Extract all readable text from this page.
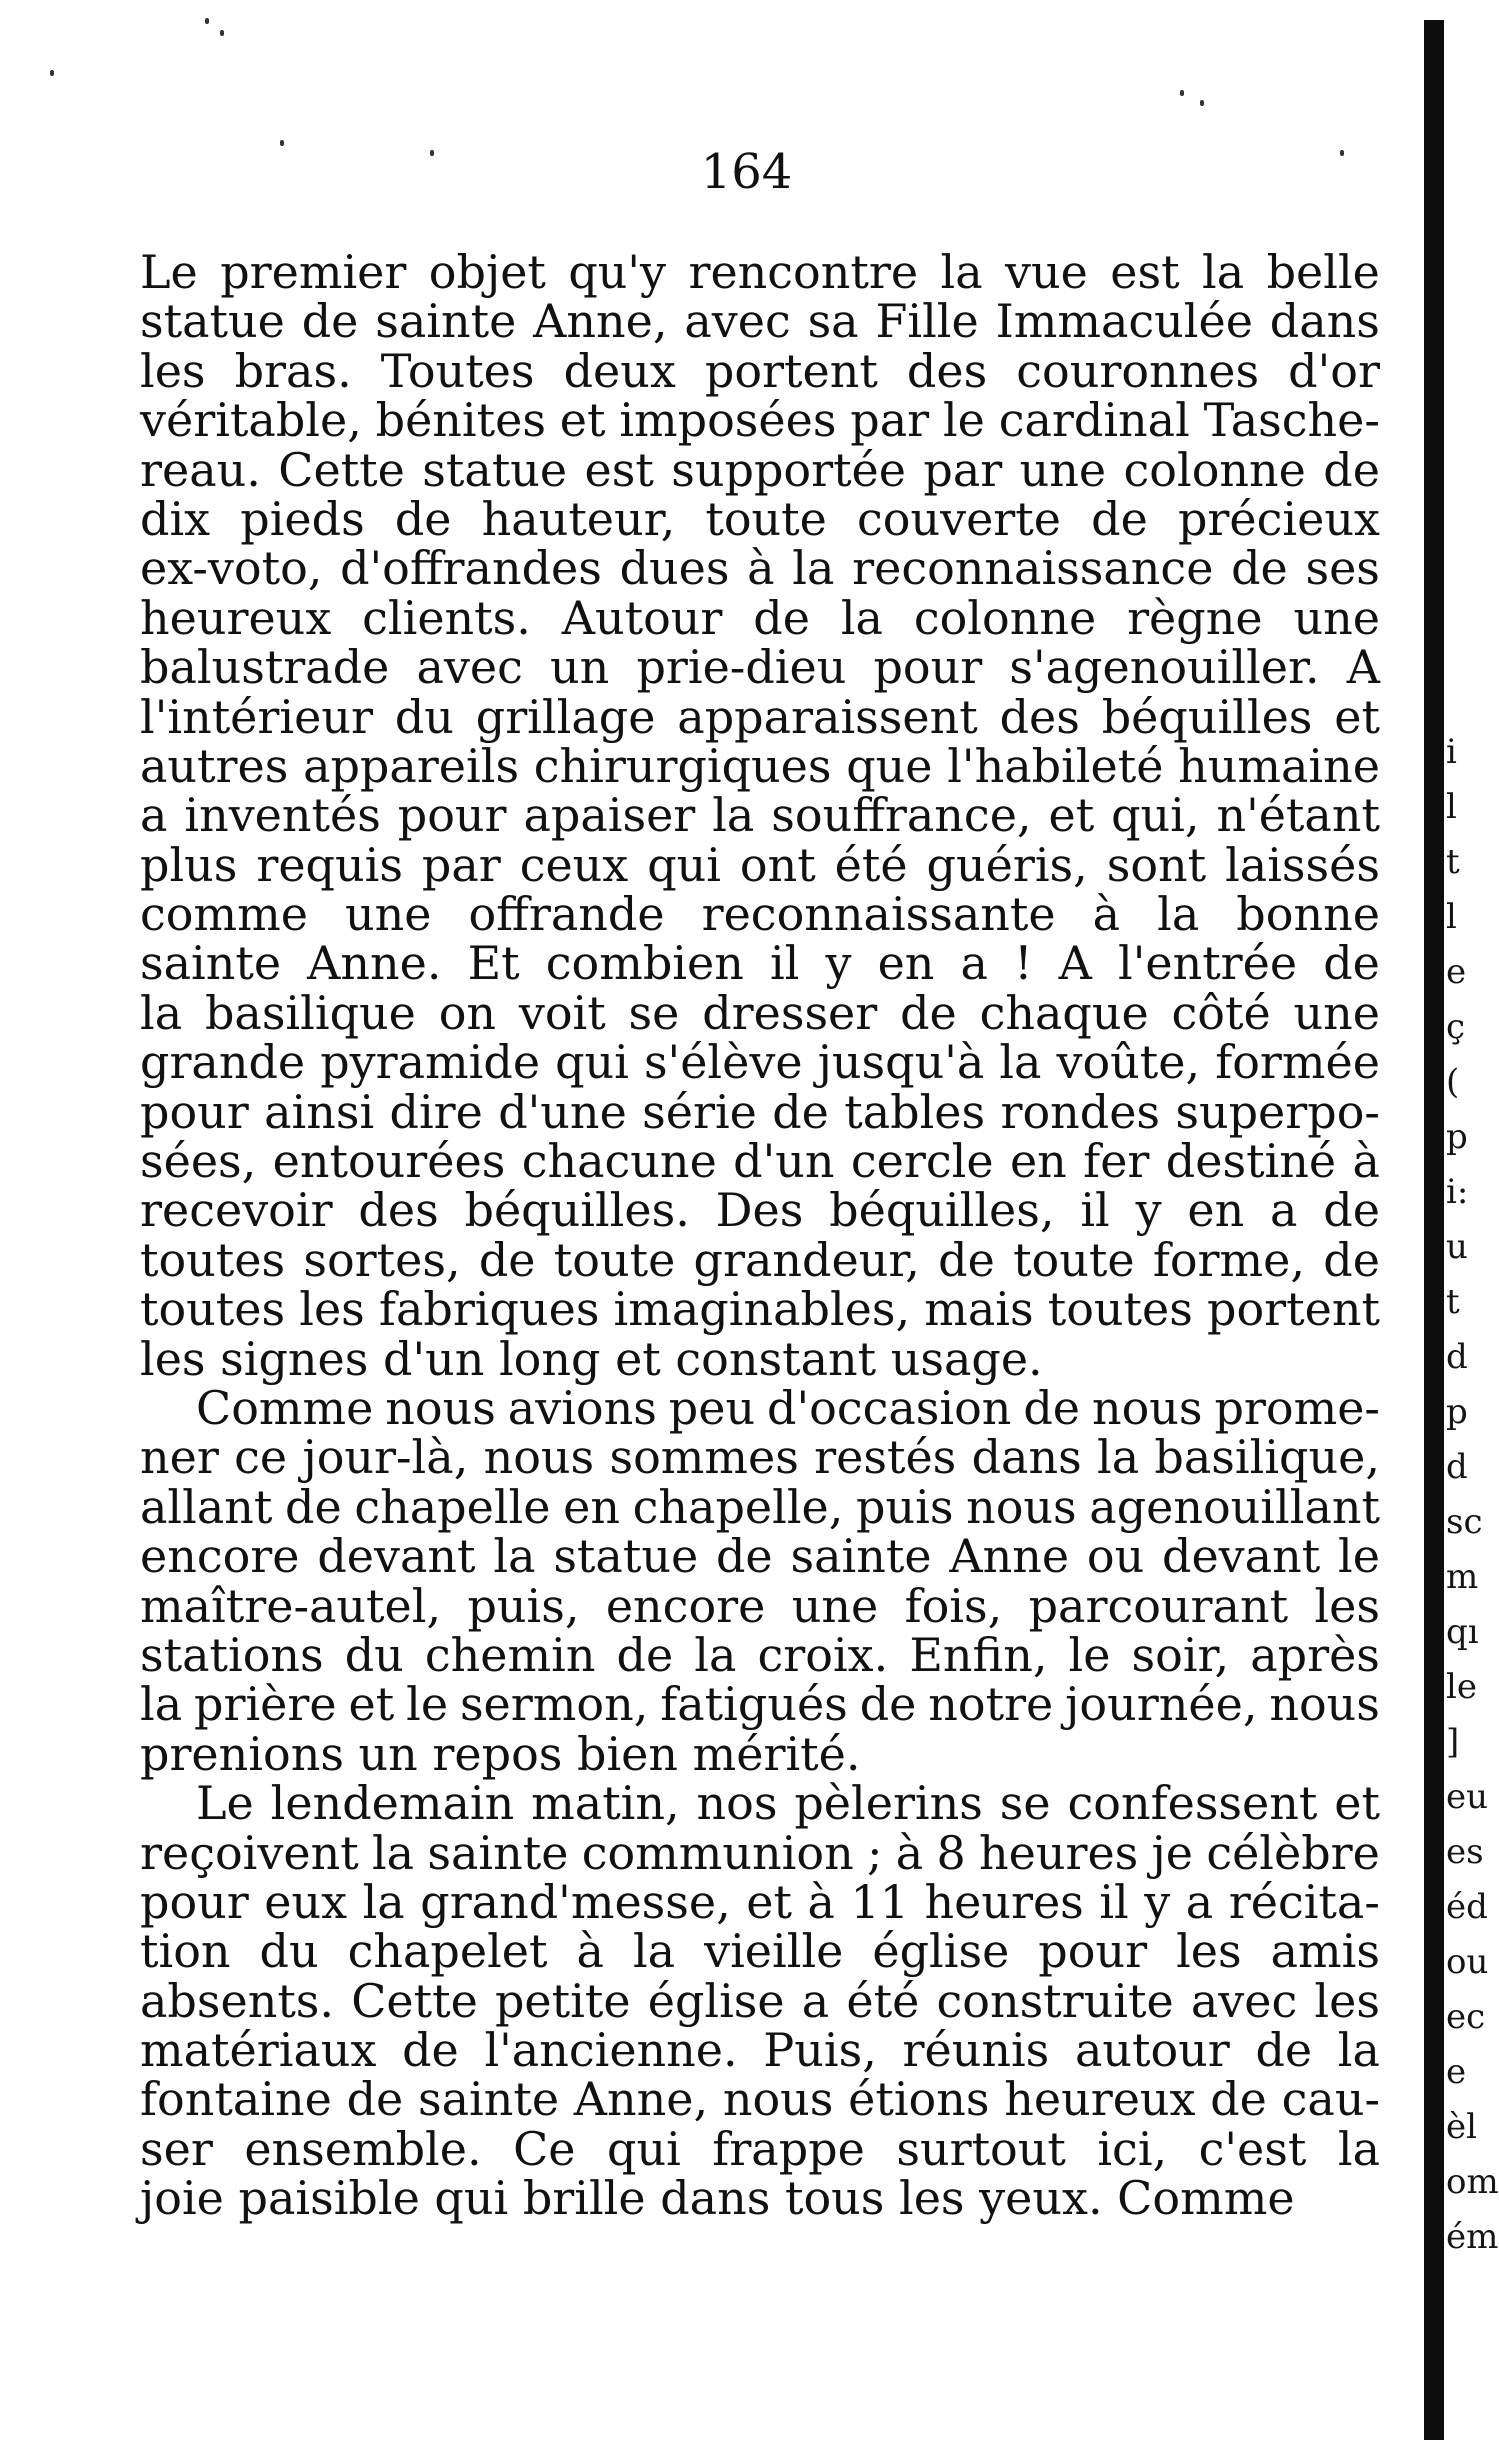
164
Le premier objet qu'y rencontre la vue est la belle
statue de sainte Anne, avec sa Fille Immaculée dans
les bras. Toutes deux portent des couronnes d'or
véritable, bénites et imposées par le cardinal Tasche-
reau. Cette statue est supportée par une colonne de
dix pieds de hauteur, toute couverte de précieux
ex-voto, d'offrandes dues à la reconnaissance de ses
heureux clients. Autour de la colonne règne une
balustrade avec un prie-dieu pour s'agenouiller. A
l'intérieur du grillage apparaissent des béquilles et
autres appareils chirurgiques que l'habileté humaine
a inventés pour apaiser la souffrance, et qui, n'étant
plus requis par ceux qui ont été guéris, sont laissés
comme une offrande reconnaissante à la bonne
sainte Anne. Et combien il y en a ! A l'entrée de
la basilique on voit se dresser de chaque côté une
grande pyramide qui s'élève jusqu'à la voûte, formée
pour ainsi dire d'une série de tables rondes superpo-
sées, entourées chacune d'un cercle en fer destiné à
recevoir des béquilles. Des béquilles, il y en a de
toutes sortes, de toute grandeur, de toute forme, de
toutes les fabriques imaginables, mais toutes portent
les signes d'un long et constant usage.
Comme nous avions peu d'occasion de nous prome-
ner ce jour-là, nous sommes restés dans la basilique,
allant de chapelle en chapelle, puis nous agenouillant
encore devant la statue de sainte Anne ou devant le
maître-autel, puis, encore une fois, parcourant les
stations du chemin de la croix. Enfin, le soir, après
la prière et le sermon, fatigués de notre journée, nous
prenions un repos bien mérité.
Le lendemain matin, nos pèlerins se confessent et
reçoivent la sainte communion ; à 8 heures je célèbre
pour eux la grand'messe, et à 11 heures il y a récita-
tion du chapelet à la vieille église pour les amis
absents. Cette petite église a été construite avec les
matériaux de l'ancienne. Puis, réunis autour de la
fontaine de sainte Anne, nous étions heureux de cau-
ser ensemble. Ce qui frappe surtout ici, c'est la
joie paisible qui brille dans tous les yeux. Comme
i
l
t
l
e
ç
(
p
i:
u
t
d
p
d
sc
m
qı
le
]
eu
es
éd
ou
ec
e
èl
om
ém
